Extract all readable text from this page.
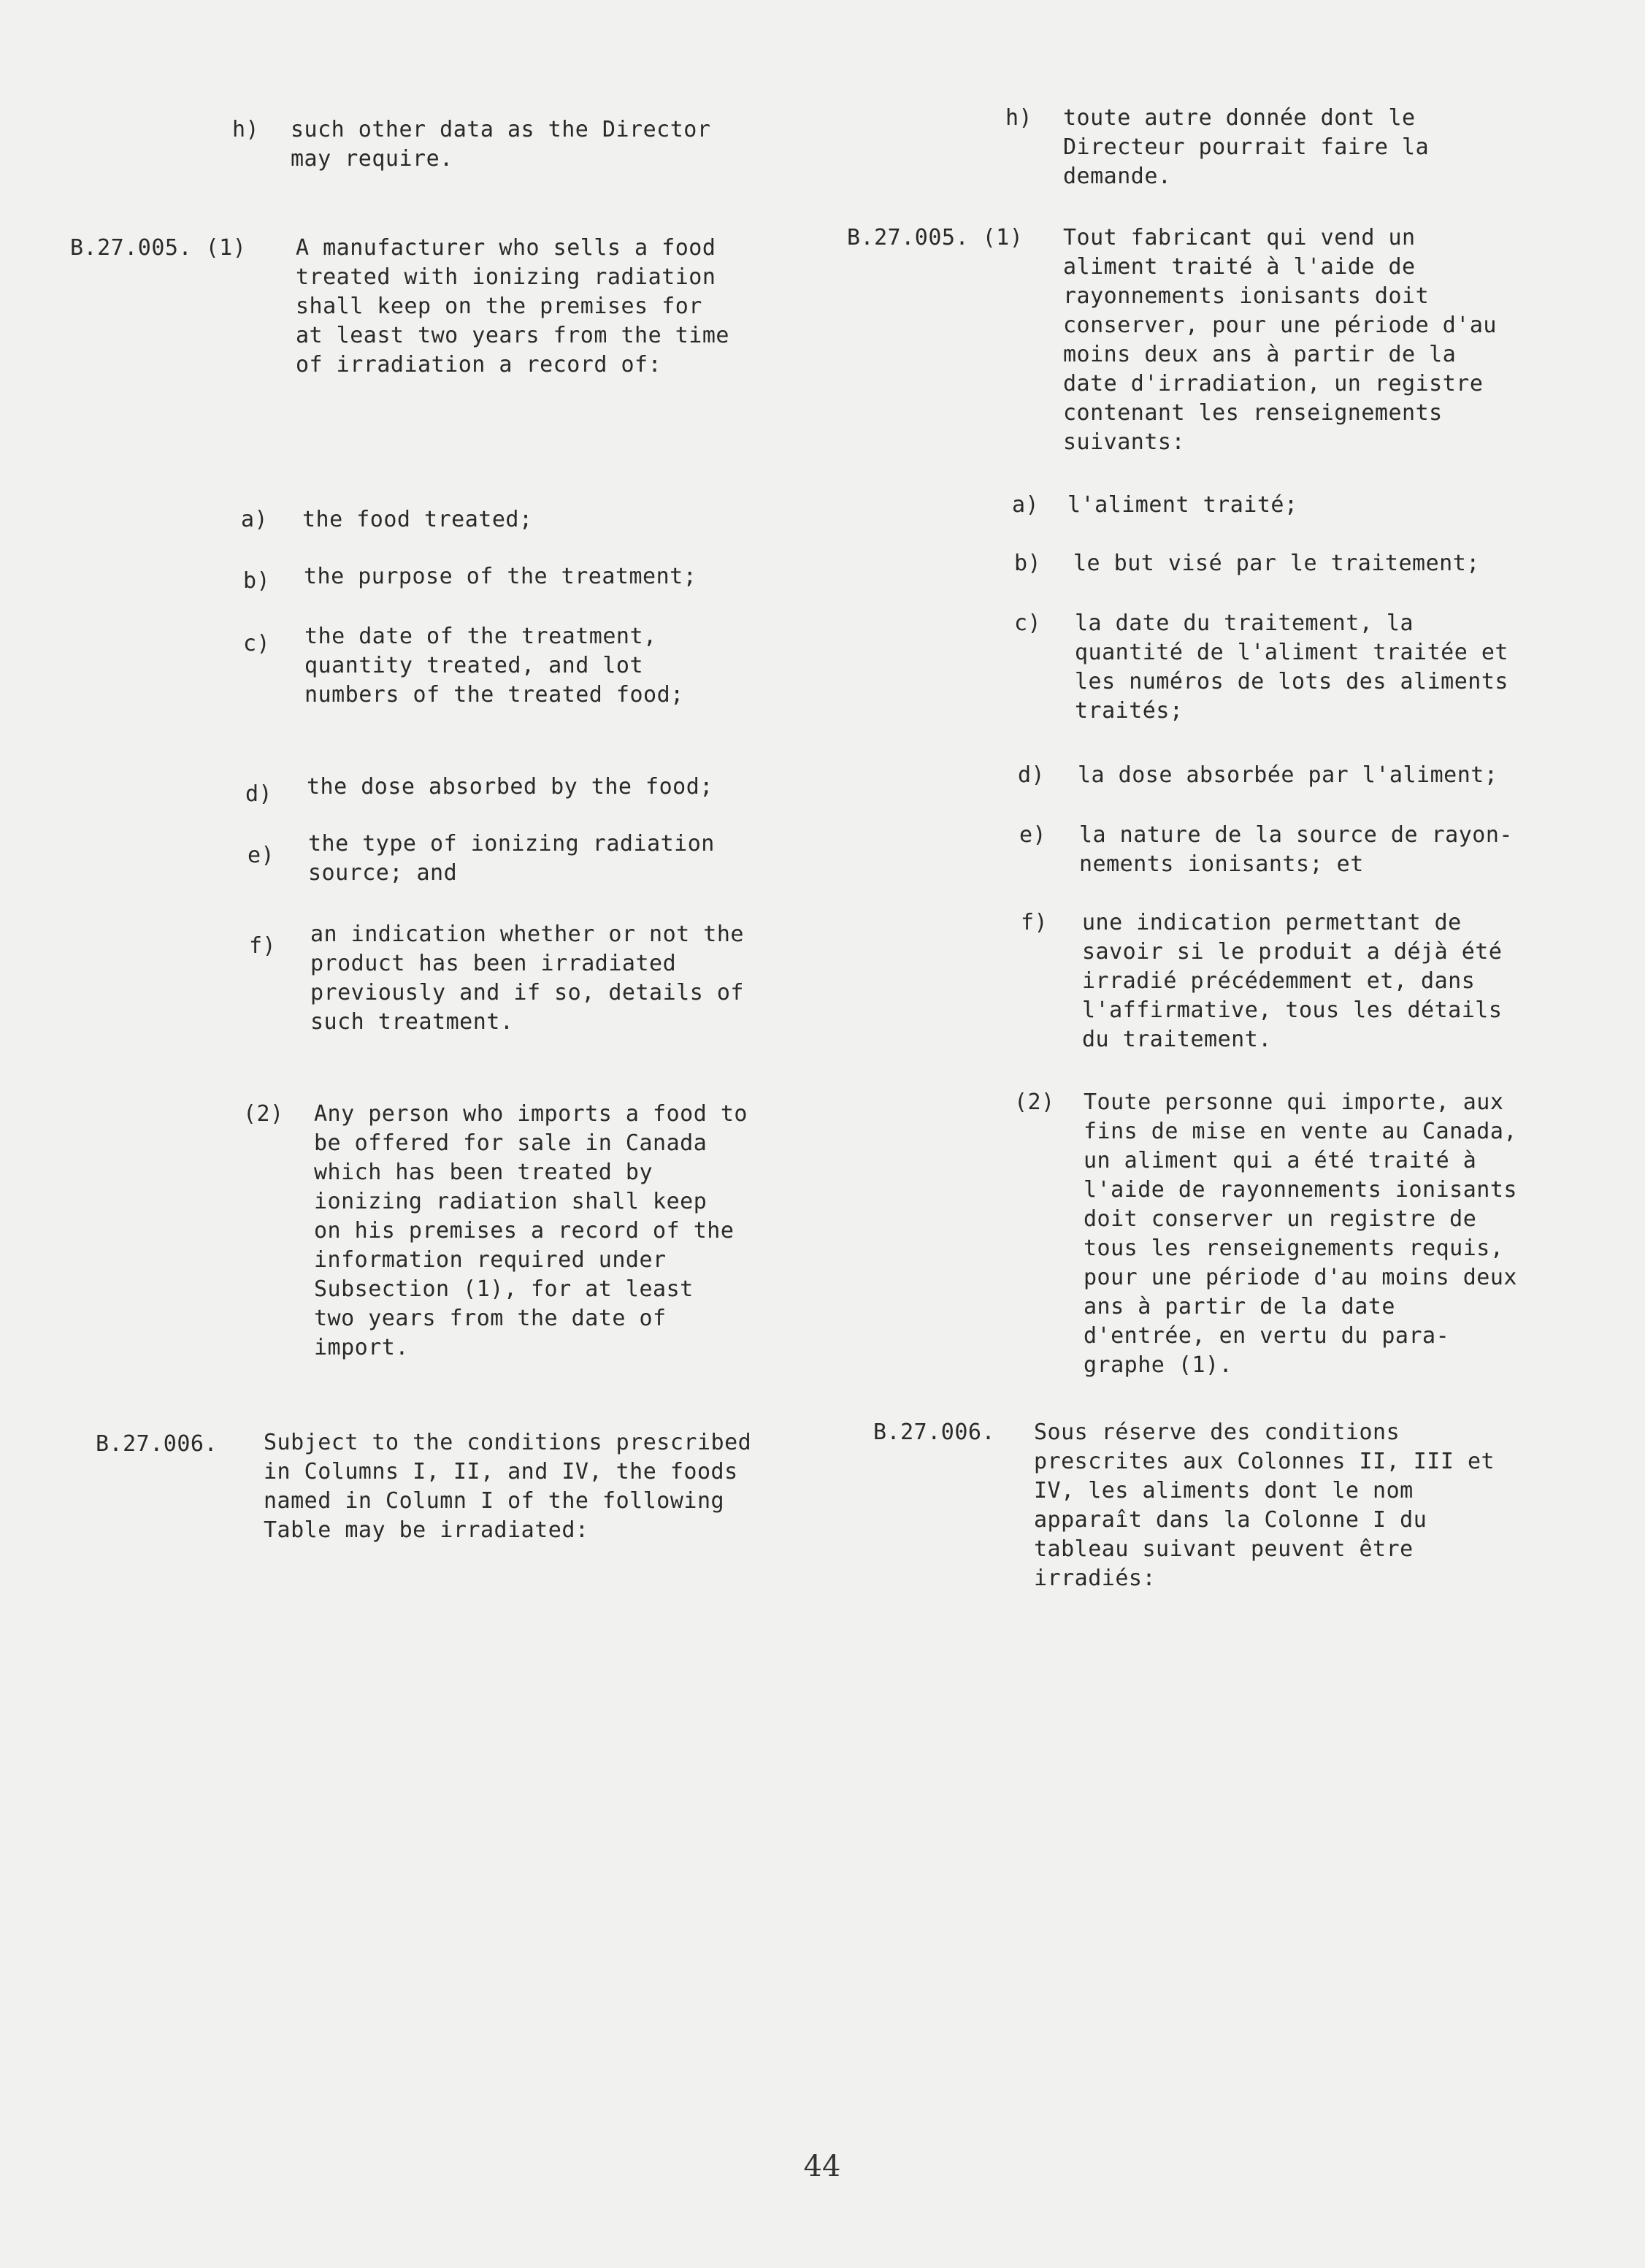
h) such other data as the Director
may require.
B.27.005. (1) A manufacturer who sells a food
treated with ionizing radiation
shall keep on the premises for
at least two years from the time
of irradiation a record of:
a) the food treated;
b) the purpose of the treatment;
c) the date of the treatment,
quantity treated, and lot
numbers of the treated food;
d) the dose absorbed by the food;
e) the type of ionizing radiation
source; and
f) an indication whether or not the
product has been irradiated
previously and if so, details of
such treatment.
(2) Any person who imports a food to
be offered for sale in Canada
which has been treated by
ionizing radiation shall keep
on his premises a record of the
information required under
Subsection (1), for at least
two years from the date of
import.
B.27.006. Subject to the conditions prescribed
in Columns I, II, and IV, the foods
named in Column I of the following
Table may be irradiated:
h) toute autre donnée dont le
Directeur pourrait faire la
demande.
B.27.005. (1) Tout fabricant qui vend un
aliment traité à l'aide de
rayonnements ionisants doit
conserver, pour une période d'au
moins deux ans à partir de la
date d'irradiation, un registre
contenant les renseignements
suivants:
a) l'aliment traité;
b) le but visé par le traitement;
c) la date du traitement, la
quantité de l'aliment traitée et
les numéros de lots des aliments
traités;
d) la dose absorbée par l'aliment;
e) la nature de la source de rayon-
nements ionisants; et
f) une indication permettant de
savoir si le produit a déjà été
irradié précédemment et, dans
l'affirmative, tous les détails
du traitement.
(2) Toute personne qui importe, aux
fins de mise en vente au Canada,
un aliment qui a été traité à
l'aide de rayonnements ionisants
doit conserver un registre de
tous les renseignements requis,
pour une période d'au moins deux
ans à partir de la date
d'entrée, en vertu du para-
graphe (1).
B.27.006. Sous réserve des conditions
prescrites aux Colonnes II, III et
IV, les aliments dont le nom
apparaît dans la Colonne I du
tableau suivant peuvent être
irradiés:
44
